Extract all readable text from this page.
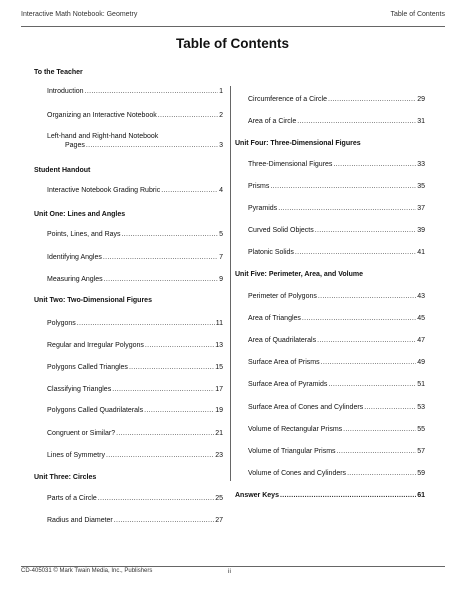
Interactive Math Notebook: Geometry	Table of Contents
Table of Contents
To the Teacher
Introduction .....	1
Organizing an Interactive Notebook .....	2
Left-hand and Right-hand Notebook
Pages .....	3
Student Handout
Interactive Notebook Grading Rubric .....	4
Unit One: Lines and Angles
Points, Lines, and Rays .....	5
Identifying Angles .....	7
Measuring Angles .....	9
Unit Two: Two-Dimensional Figures
Polygons .....	11
Regular and Irregular Polygons .....	13
Polygons Called Triangles .....	15
Classifying Triangles .....	17
Polygons Called Quadrilaterals .....	19
Congruent or Similar? .....	21
Lines of Symmetry .....	23
Unit Three: Circles
Parts of a Circle .....	25
Radius and Diameter .....	27
Circumference of a Circle .....	29
Area of a Circle .....	31
Unit Four: Three-Dimensional Figures
Three-Dimensional Figures .....	33
Prisms .....	35
Pyramids .....	37
Curved Solid Objects .....	39
Platonic Solids .....	41
Unit Five: Perimeter, Area, and Volume
Perimeter of Polygons .....	43
Area of Triangles .....	45
Area of Quadrilaterals .....	47
Surface Area of Prisms .....	49
Surface Area of Pyramids .....	51
Surface Area of Cones and Cylinders .....	53
Volume of Rectangular Prisms .....	55
Volume of Triangular Prisms .....	57
Volume of Cones and Cylinders .....	59
Answer Keys .....	61
CD-405031 © Mark Twain Media, Inc., Publishers	ii
